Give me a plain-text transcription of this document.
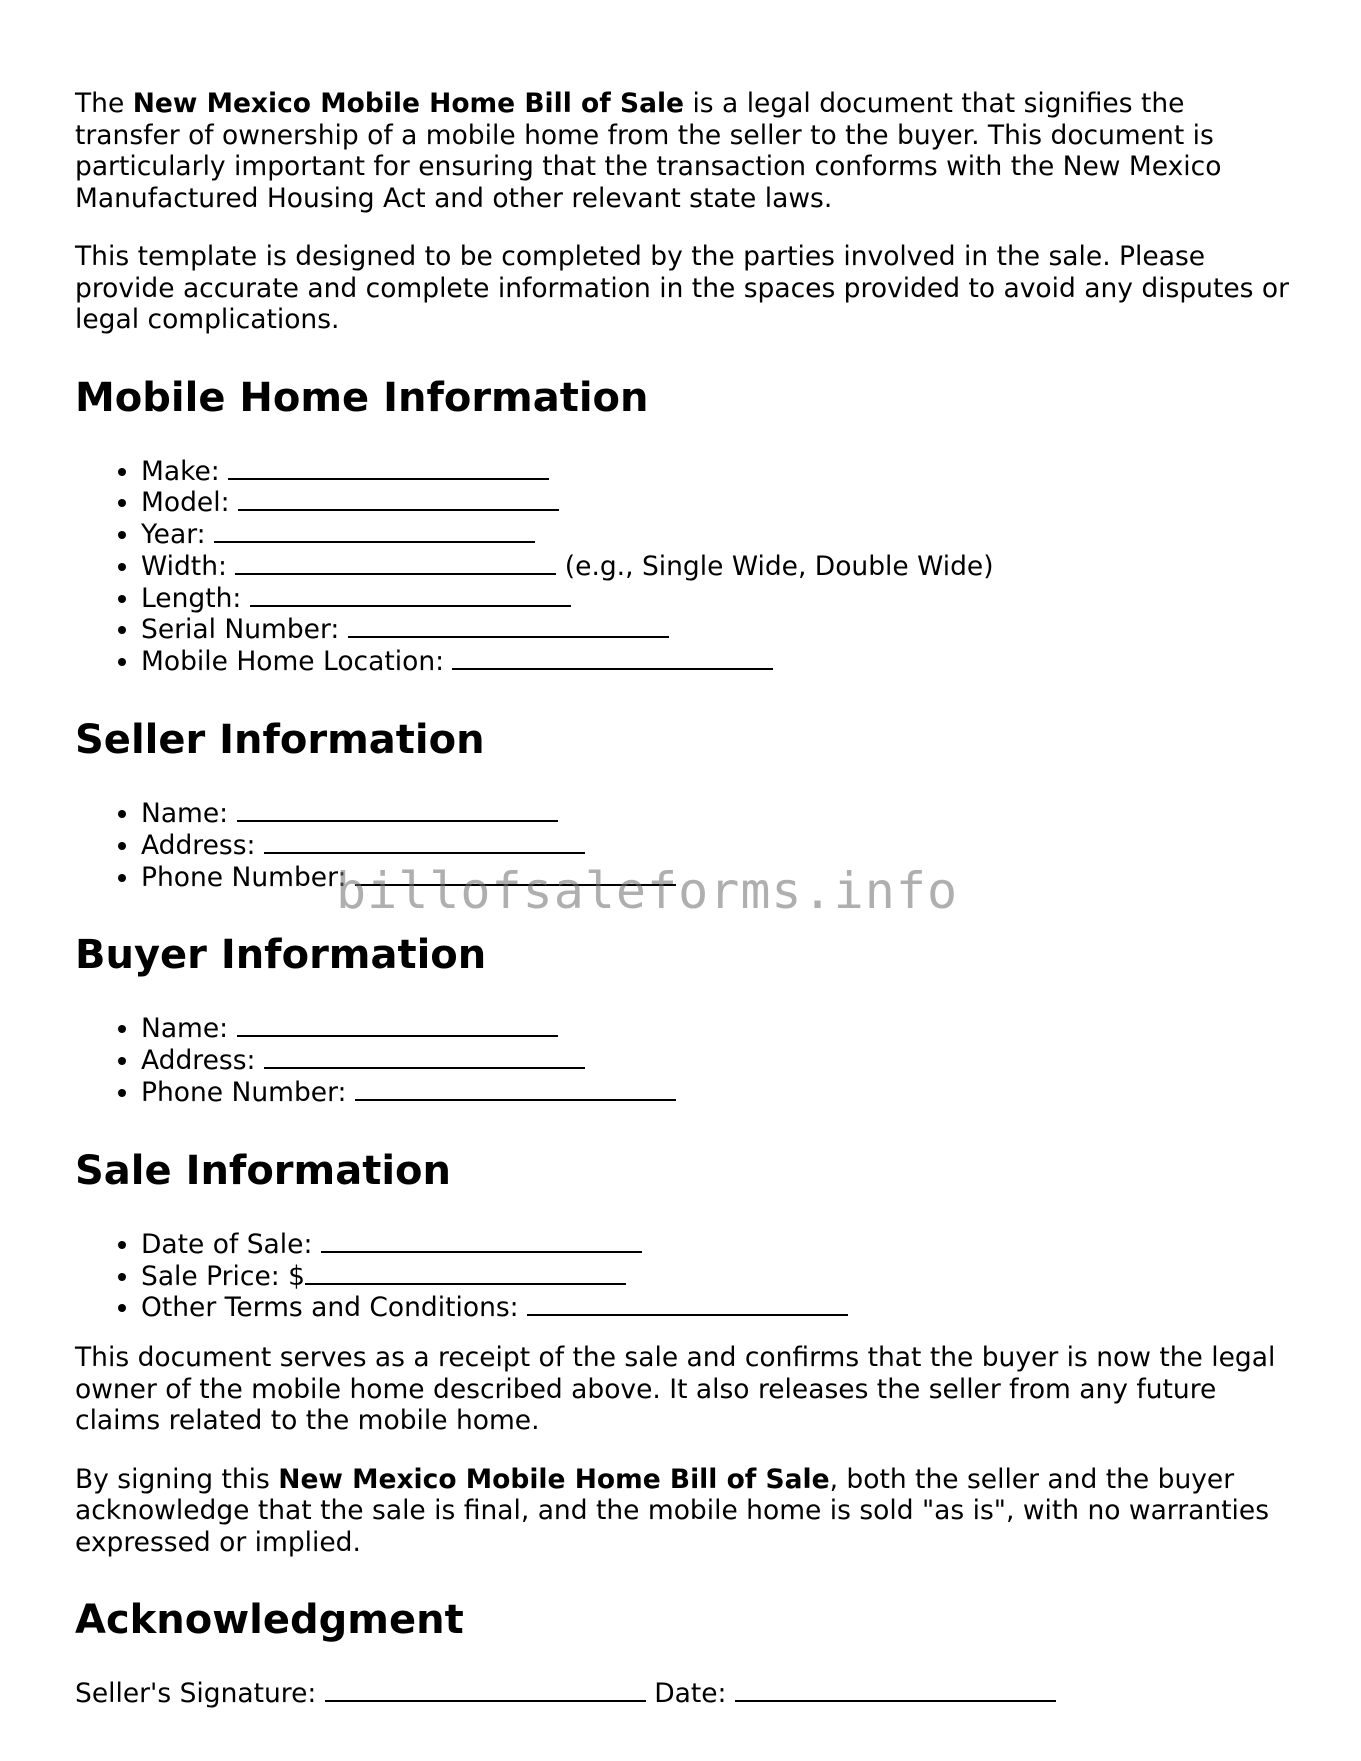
The New Mexico Mobile Home Bill of Sale is a legal document that signifies the transfer of ownership of a mobile home from the seller to the buyer. This document is particularly important for ensuring that the transaction conforms with the New Mexico Manufactured Housing Act and other relevant state laws.

This template is designed to be completed by the parties involved in the sale. Please provide accurate and complete information in the spaces provided to avoid any disputes or legal complications.

Mobile Home Information
• Make:
• Model:
• Year:
• Width:	(e.g., Single Wide, Double Wide)
• Length:
• Serial Number:
• Mobile Home Location:
Seller Information
• Name:
• Address:
• Phone Number:
Buyer Information
• Name:
• Address:
• Phone Number:
Sale Information
• Date of Sale:
• Sale Price: $
• Other Terms and Conditions:

This document serves as a receipt of the sale and confirms that the buyer is now the legal owner of the mobile home described above. It also releases the seller from any future claims related to the mobile home.

By signing this New Mexico Mobile Home Bill of Sale, both the seller and the buyer acknowledge that the sale is final, and the mobile home is sold "as is", with no warranties expressed or implied.

Acknowledgment
Seller's Signature:	Date:
billofsaleforms.info
